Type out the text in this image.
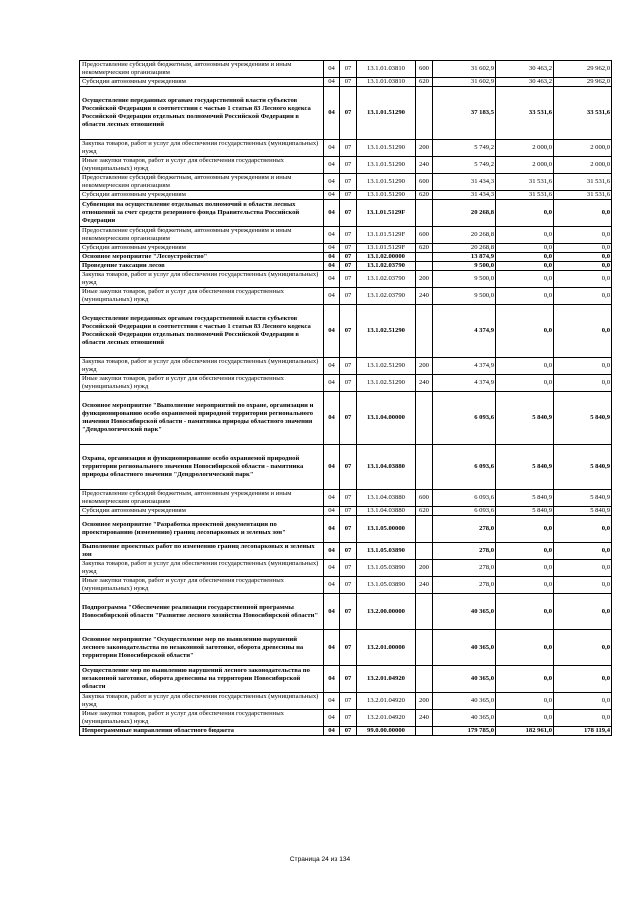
Предоставление субсидий бюджетным, автономным учреждениям и иным некоммерческим организациям	04	07	13.1.01.03810	600	31 602,9	30 463,2	29 962,0
Субсидии автономным учреждениям	04	07	13.1.01.03810	620	31 602,9	30 463,2	29 962,0
Осуществление переданных органам государственной власти субъектов Российской Федерации в соответствии с частью 1 статьи 83 Лесного кодекса Российской Федерации отдельных полномочий Российской Федерации в области лесных отношений	04	07	13.1.01.51290		37 183,5	33 531,6	33 531,6
Закупка товаров, работ и услуг для обеспечения государственных (муниципальных) нужд	04	07	13.1.01.51290	200	5 749,2	2 000,0	2 000,0
Иные закупки товаров, работ и услуг для обеспечения государственных (муниципальных) нужд	04	07	13.1.01.51290	240	5 749,2	2 000,0	2 000,0
Предоставление субсидий бюджетным, автономным учреждениям и иным некоммерческим организациям	04	07	13.1.01.51290	600	31 434,3	31 531,6	31 531,6
Субсидии автономным учреждениям	04	07	13.1.01.51290	620	31 434,3	31 531,6	31 531,6
Субвенция на осуществление отдельных полномочий в области лесных отношений за счет средств резервного фонда Правительства Российской Федерации	04	07	13.1.01.5129F		20 268,8	0,0	0,0
Предоставление субсидий бюджетным, автономным учреждениям и иным некоммерческим организациям	04	07	13.1.01.5129F	600	20 268,8	0,0	0,0
Субсидии автономным учреждениям	04	07	13.1.01.5129F	620	20 268,8	0,0	0,0
Основное мероприятие "Лесоустройство"	04	07	13.1.02.00000		13 874,9	0,0	0,0
Проведение таксации лесов	04	07	13.1.02.03790		9 500,0	0,0	0,0
Закупка товаров, работ и услуг для обеспечения государственных (муниципальных) нужд	04	07	13.1.02.03790	200	9 500,0	0,0	0,0
Иные закупки товаров, работ и услуг для обеспечения государственных (муниципальных) нужд	04	07	13.1.02.03790	240	9 500,0	0,0	0,0
Осуществление переданных органам государственной власти субъектов Российской Федерации в соответствии с частью 1 статьи 83 Лесного кодекса Российской Федерации отдельных полномочий Российской Федерации в области лесных отношений	04	07	13.1.02.51290		4 374,9	0,0	0,0
Закупка товаров, работ и услуг для обеспечения государственных (муниципальных) нужд	04	07	13.1.02.51290	200	4 374,9	0,0	0,0
Иные закупки товаров, работ и услуг для обеспечения государственных (муниципальных) нужд	04	07	13.1.02.51290	240	4 374,9	0,0	0,0
Основное мероприятие "Выполнение мероприятий по охране, организации и функционированию особо охраняемой природной территории регионального значения Новосибирской области - памятника природы областного значения "Дендрологический парк"	04	07	13.1.04.00000		6 093,6	5 840,9	5 840,9
Охрана, организация и функционирование особо охраняемой природной территории регионального значения Новосибирской области - памятника природы областного значения "Дендрологический парк"	04	07	13.1.04.03880		6 093,6	5 840,9	5 840,9
Предоставление субсидий бюджетным, автономным учреждениям и иным некоммерческим организациям	04	07	13.1.04.03880	600	6 093,6	5 840,9	5 840,9
Субсидии автономным учреждениям	04	07	13.1.04.03880	620	6 093,6	5 840,9	5 840,9
Основное мероприятие "Разработка проектной документации по проектированию (изменению) границ лесопарковых и зеленых зон"	04	07	13.1.05.00000		278,0	0,0	0,0
Выполнение проектных работ по изменению границ лесопарковых и зеленых зон	04	07	13.1.05.03890		278,0	0,0	0,0
Закупка товаров, работ и услуг для обеспечения государственных (муниципальных) нужд	04	07	13.1.05.03890	200	278,0	0,0	0,0
Иные закупки товаров, работ и услуг для обеспечения государственных (муниципальных) нужд	04	07	13.1.05.03890	240	278,0	0,0	0,0
Подпрограмма "Обеспечение реализации государственной программы Новосибирской области "Развитие лесного хозяйства Новосибирской области"	04	07	13.2.00.00000		40 365,0	0,0	0,0
Основное мероприятие "Осуществление мер по выявлению нарушений лесного законодательства по незаконной заготовке, оборота древесины на территории Новосибирской области"	04	07	13.2.01.00000		40 365,0	0,0	0,0
Осуществление мер по выявлению нарушений лесного законодательства по незаконной заготовке, оборота древесины на территории Новосибирской области	04	07	13.2.01.04920		40 365,0	0,0	0,0
Закупка товаров, работ и услуг для обеспечения государственных (муниципальных) нужд	04	07	13.2.01.04920	200	40 365,0	0,0	0,0
Иные закупки товаров, работ и услуг для обеспечения государственных (муниципальных) нужд	04	07	13.2.01.04920	240	40 365,0	0,0	0,0
Непрограммные направления областного бюджета	04	07	99.0.00.00000		179 785,0	182 961,0	178 119,4
Страница 24 из 134
